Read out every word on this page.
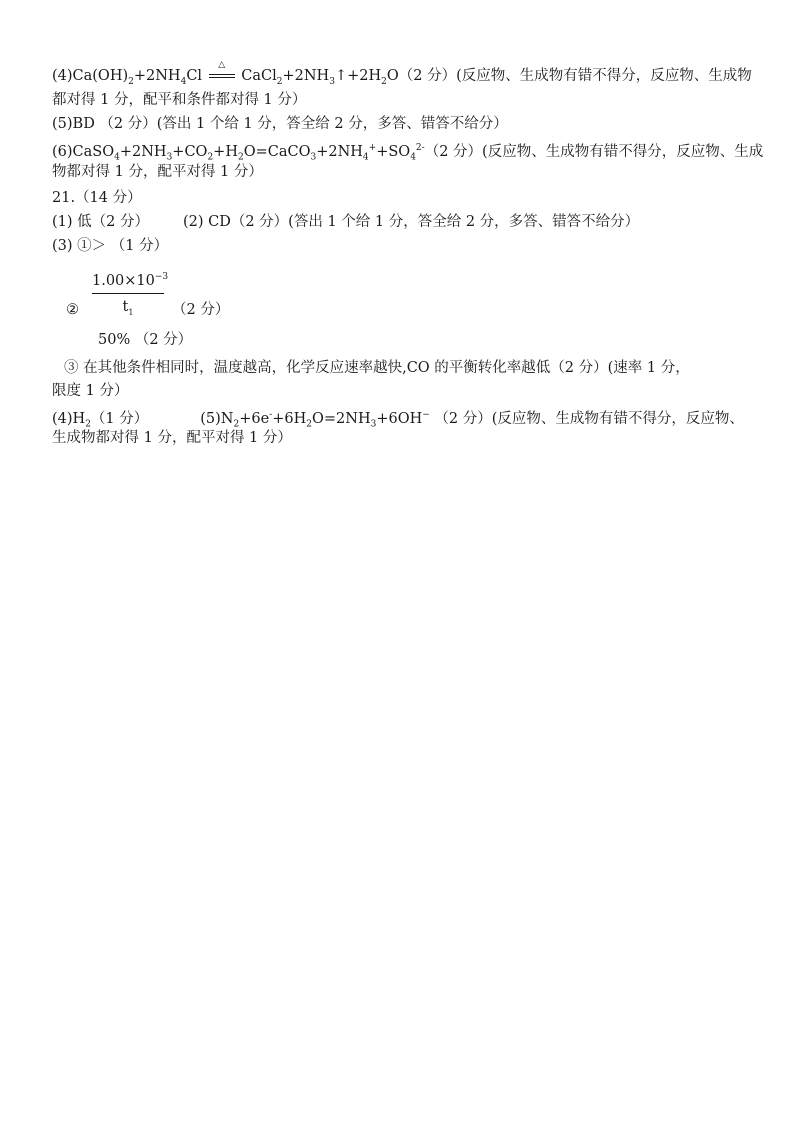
$(4)Ca(OH)_2+2NH_4Cl$
△
$CaCl_2+2NH_3↑+2H_2O(2$ 分）(反应物、生成物有错不得分，反应物、生成物
都对得 1 分，配平和条件都对得 1 分）
(5)BD （2 分）(答出 1 个给 1 分，答全给 2 分，多答、错答不给分）
$(6)CaSO_4+2NH_3+CO_2+H_2O=CaCO_3+2NH_4^++SO_4^{2-}(2$ 分）(反应物、生成物有错不得分，反应物、生成
物都对得 1 分，配平对得 1 分）
21.（14 分）
(1) 低（2 分） (2) CD（2 分）(答出 1 个给 1 分，答全给 2 分，多答、错答不给分）
(3) ①＞ （1 分）
$\frac{1.00\times 10^{-3}}{t_1}$
②	（2 分）
50% （2 分）
③ 在其他条件相同时，温度越高，化学反应速率越快,CO 的平衡转化率越低（2 分）(速率 1 分，
限度 1 分）
$(4)H_2(1$ 分）	$(5)N_2+6e^-+6H_2O=2NH_3+6OH^-$ （2 分）(反应物、生成物有错不得分，反应物、
生成物都对得 1 分，配平对得 1 分）
